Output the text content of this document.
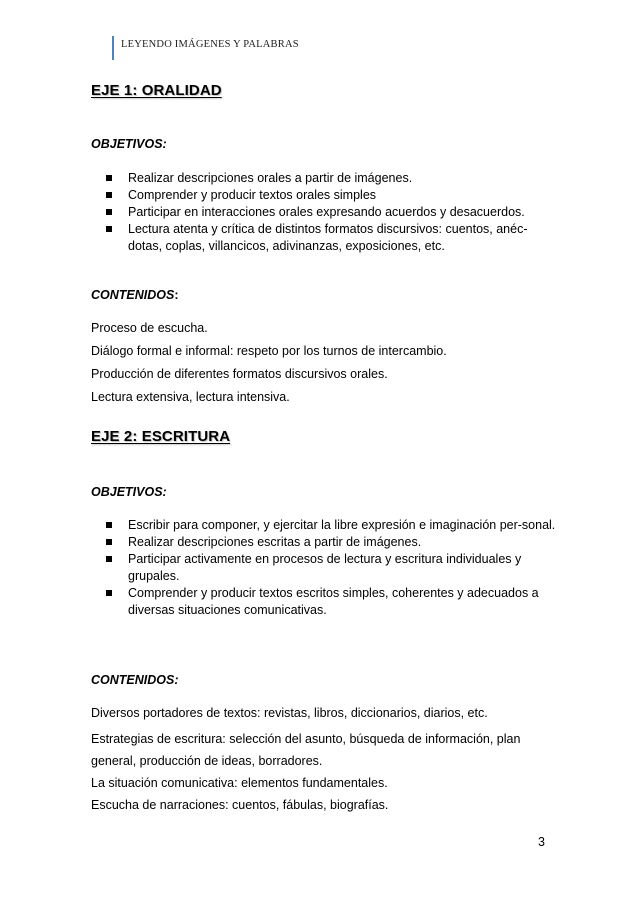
LEYENDO IMÁGENES Y PALABRAS
EJE 1: ORALIDAD
OBJETIVOS:
Realizar descripciones orales a partir de imágenes.
Comprender y producir textos orales simples
Participar en interacciones orales expresando acuerdos y desacuerdos.
Lectura atenta y crítica de distintos formatos discursivos: cuentos, anéc-dotas, coplas, villancicos, adivinanzas, exposiciones, etc.
CONTENIDOS:
Proceso de escucha.
Diálogo formal e informal: respeto por los turnos de intercambio.
Producción de diferentes formatos discursivos orales.
Lectura extensiva, lectura intensiva.
EJE 2: ESCRITURA
OBJETIVOS:
Escribir para componer, y ejercitar la libre expresión e imaginación per-sonal.
Realizar descripciones escritas a partir de imágenes.
Participar activamente en procesos de lectura y escritura individuales y grupales.
Comprender y producir textos escritos simples, coherentes y adecuados a diversas situaciones comunicativas.
CONTENIDOS:
Diversos portadores de textos: revistas, libros, diccionarios, diarios, etc.
Estrategias de escritura: selección del asunto, búsqueda de información, plan general, producción de ideas, borradores.
La situación comunicativa: elementos fundamentales.
Escucha de narraciones: cuentos, fábulas, biografías.
3
